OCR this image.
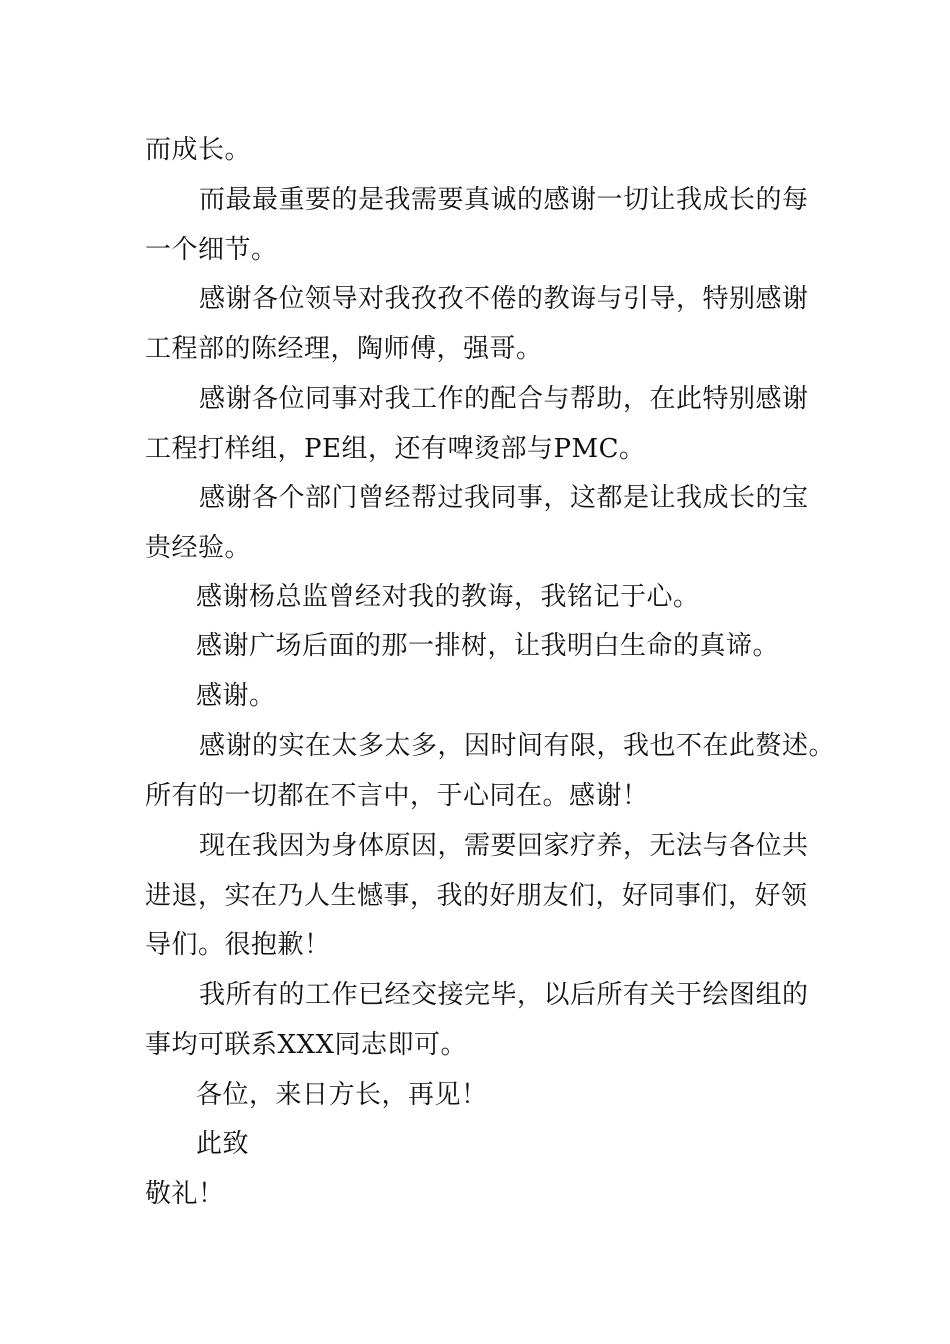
而成长。
而最最重要的是我需要真诚的感谢一切让我成长的每
一个细节。
感谢各位领导对我孜孜不倦的教诲与引导，特别感谢
工程部的陈经理，陶师傅，强哥。
感谢各位同事对我工作的配合与帮助，在此特别感谢
工程打样组，PE组，还有啤烫部与PMC。
感谢各个部门曾经帮过我同事，这都是让我成长的宝
贵经验。
感谢杨总监曾经对我的教诲，我铭记于心。
感谢广场后面的那一排树，让我明白生命的真谛。
感谢。
感谢的实在太多太多，因时间有限，我也不在此赘述。
所有的一切都在不言中，于心同在。感谢！
现在我因为身体原因，需要回家疗养，无法与各位共
进退，实在乃人生憾事，我的好朋友们，好同事们，好领
导们。很抱歉！
我所有的工作已经交接完毕，以后所有关于绘图组的
事均可联系XXX同志即可。
各位，来日方长，再见！
此致
敬礼！
